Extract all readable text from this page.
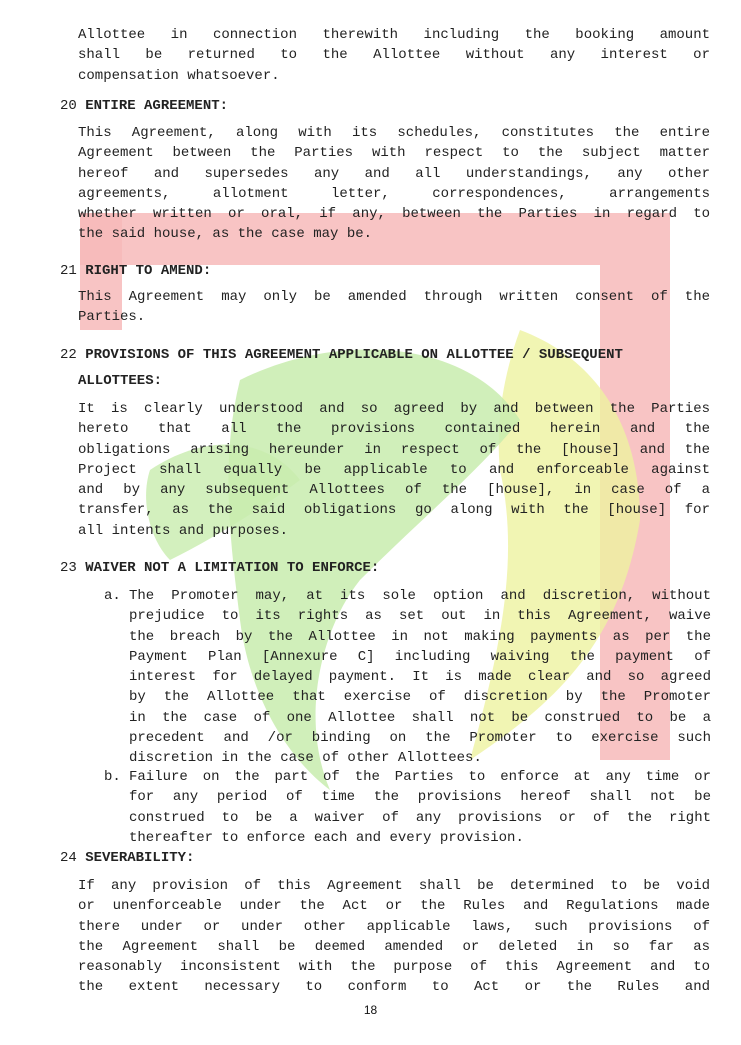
Allottee in connection therewith including the booking amount
shall be returned to the Allottee without any interest or
compensation whatsoever.
20 ENTIRE AGREEMENT:
This Agreement, along with its schedules, constitutes the entire
Agreement between the Parties with respect to the subject matter
hereof and supersedes any and all understandings, any other
agreements, allotment letter, correspondences, arrangements
whether written or oral, if any, between the Parties in regard to
the said house, as the case may be.
21 RIGHT TO AMEND:
This Agreement may only be amended through written consent of the
Parties.
22 PROVISIONS OF THIS AGREEMENT APPLICABLE ON ALLOTTEE / SUBSEQUENT
ALLOTTEES:
It is clearly understood and so agreed by and between the Parties
hereto that all the provisions contained herein and the
obligations arising hereunder in respect of the [house] and the
Project shall equally be applicable to and enforceable against
and by any subsequent Allottees of the [house], in case of a
transfer, as the said obligations go along with the [house] for
all intents and purposes.
23 WAIVER NOT A LIMITATION TO ENFORCE:
a. The Promoter may, at its sole option and discretion, without
prejudice to its rights as set out in this Agreement, waive
the breach by the Allottee in not making payments as per the
Payment Plan [Annexure C] including waiving the payment of
interest for delayed payment. It is made clear and so agreed
by the Allottee that exercise of discretion by the Promoter
in the case of one Allottee shall not be construed to be a
precedent and /or binding on the Promoter to exercise such
discretion in the case of other Allottees.
b. Failure on the part of the Parties to enforce at any time or
for any period of time the provisions hereof shall not be
construed to be a waiver of any provisions or of the right
thereafter to enforce each and every provision.
24 SEVERABILITY:
If any provision of this Agreement shall be determined to be void
or unenforceable under the Act or the Rules and Regulations made
there under or under other applicable laws, such provisions of
the Agreement shall be deemed amended or deleted in so far as
reasonably inconsistent with the purpose of this Agreement and to
the extent necessary to conform to Act or the Rules and
18
